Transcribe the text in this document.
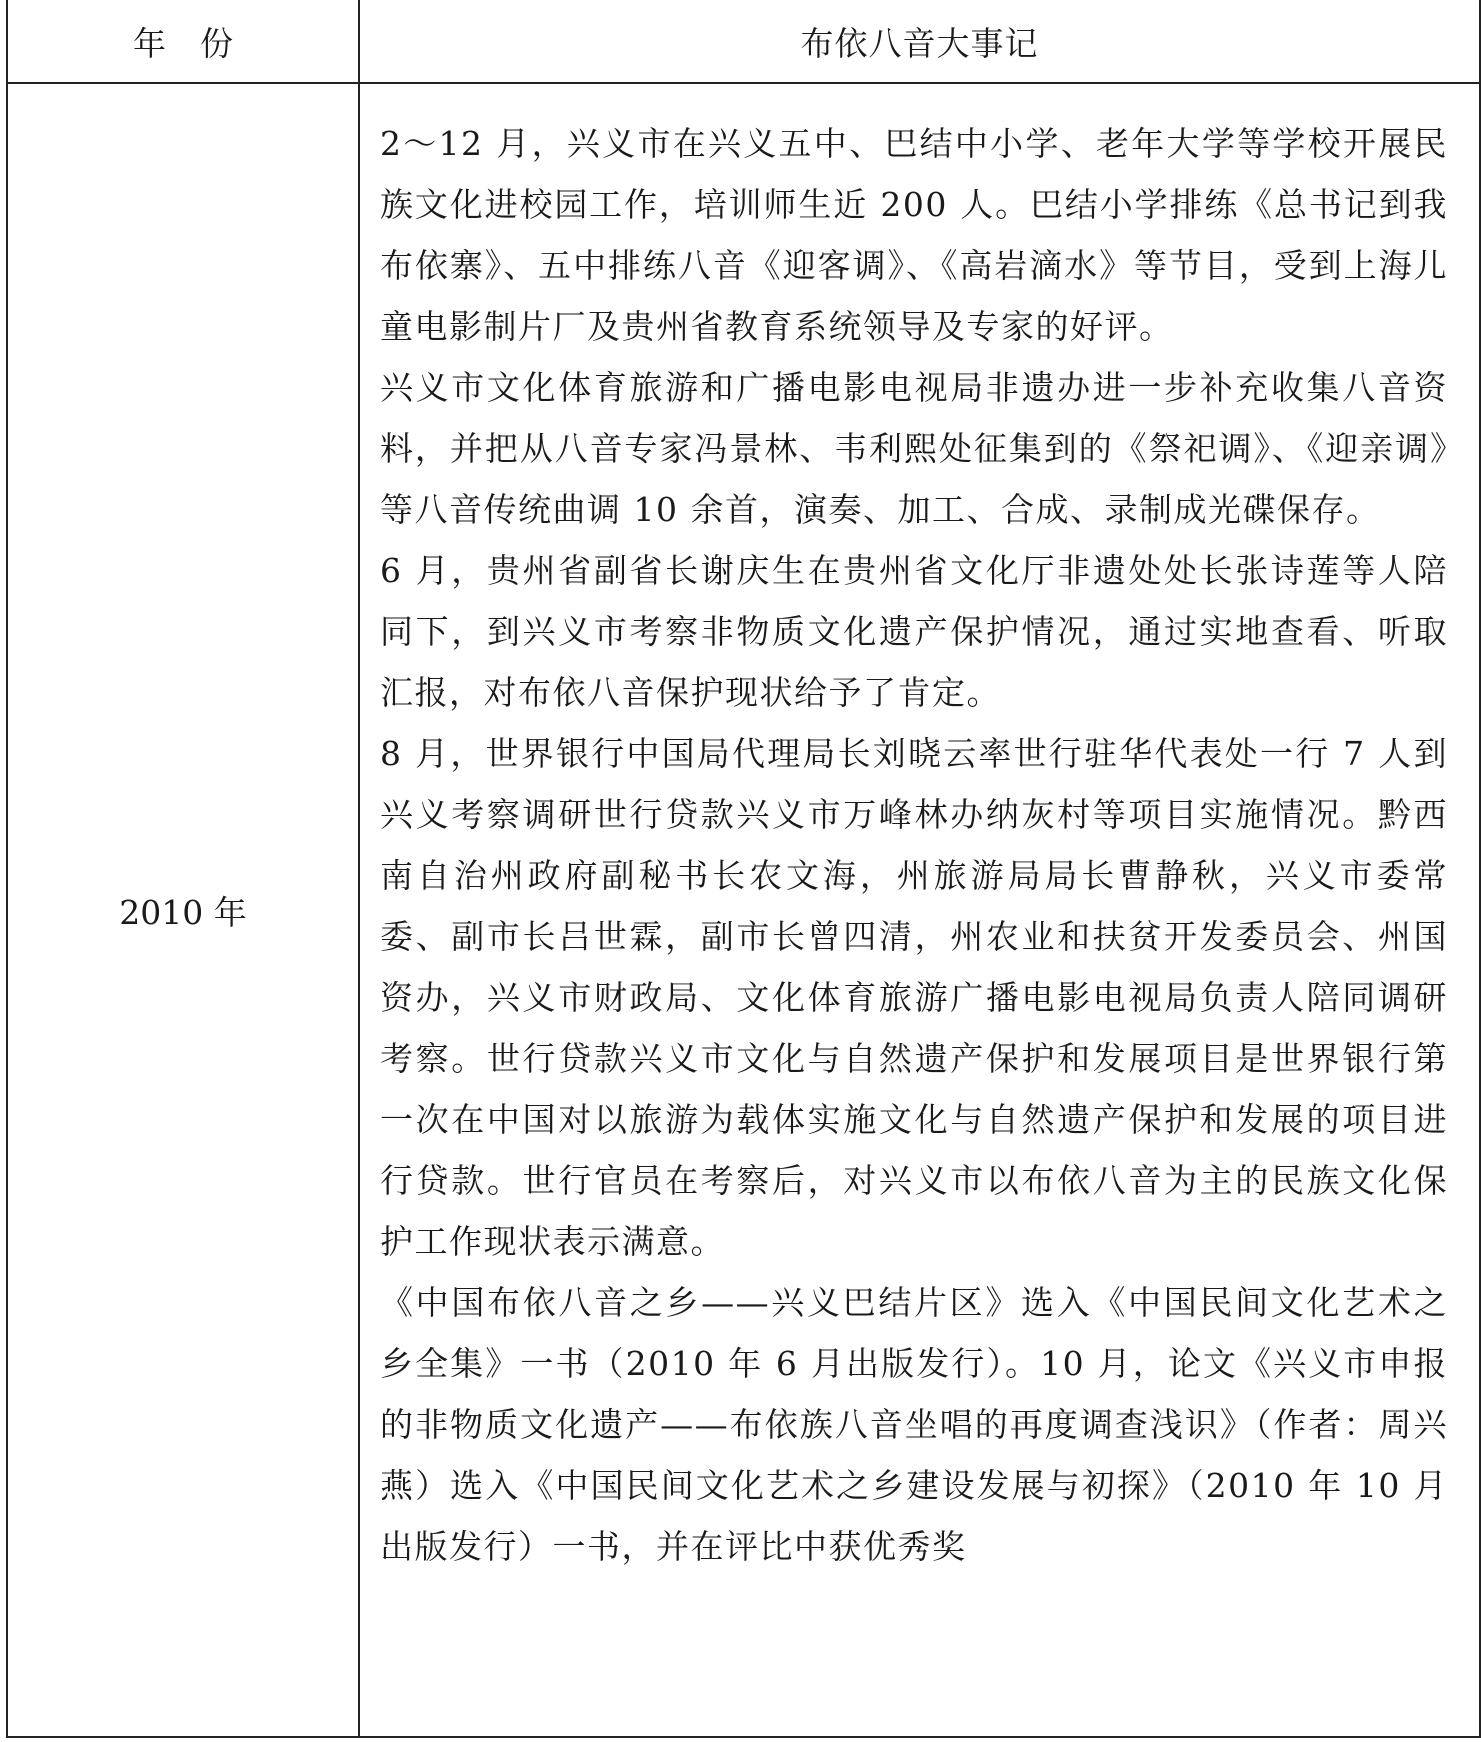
年份	布依八音大事记
2010 年

2～12 月，兴义市在兴义五中、巴结中小学、老年大学等学校开展民族文化进校园工作，培训师生近 200 人。巴结小学排练《总书记到我布依寨》、五中排练八音《迎客调》、《高岩滴水》等节目，受到上海儿童电影制片厂及贵州省教育系统领导及专家的好评。

兴义市文化体育旅游和广播电影电视局非遗办进一步补充收集八音资料，并把从八音专家冯景林、韦利熙处征集到的《祭祀调》、《迎亲调》等八音传统曲调 10 余首，演奏、加工、合成、录制成光碟保存。

6 月，贵州省副省长谢庆生在贵州省文化厅非遗处处长张诗莲等人陪同下，到兴义市考察非物质文化遗产保护情况，通过实地查看、听取汇报，对布依八音保护现状给予了肯定。

8 月，世界银行中国局代理局长刘晓云率世行驻华代表处一行 7 人到兴义考察调研世行贷款兴义市万峰林办纳灰村等项目实施情况。黔西南自治州政府副秘书长农文海，州旅游局局长曹静秋，兴义市委常委、副市长吕世霖，副市长曾四清，州农业和扶贫开发委员会、州国资办，兴义市财政局、文化体育旅游广播电影电视局负责人陪同调研考察。世行贷款兴义市文化与自然遗产保护和发展项目是世界银行第一次在中国对以旅游为载体实施文化与自然遗产保护和发展的项目进行贷款。世行官员在考察后，对兴义市以布依八音为主的民族文化保护工作现状表示满意。

《中国布依八音之乡——兴义巴结片区》选入《中国民间文化艺术之乡全集》一书（2010 年 6 月出版发行）。10 月，论文《兴义市申报的非物质文化遗产——布依族八音坐唱的再度调查浅识》（作者：周兴燕）选入《中国民间文化艺术之乡建设发展与初探》（2010 年 10 月出版发行）一书，并在评比中获优秀奖
